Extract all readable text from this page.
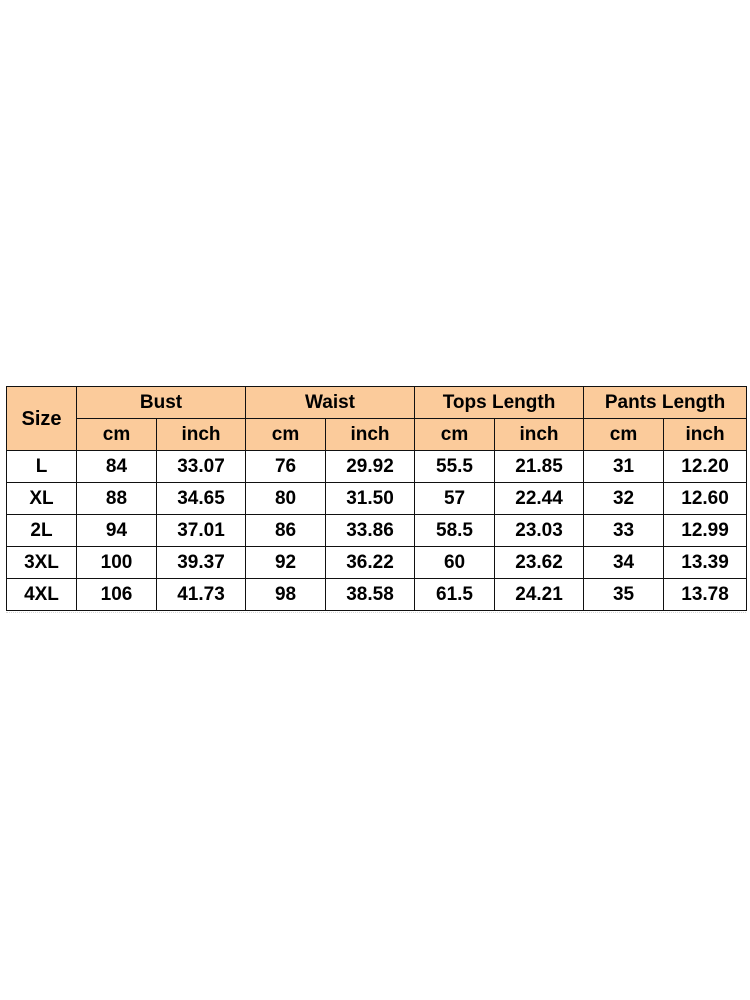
Size	Bust		Waist		Tops Length		Pants Length	
	cm	inch	cm	inch	cm	inch	cm	inch
L	84	33.07	76	29.92	55.5	21.85	31	12.20
XL	88	34.65	80	31.50	57	22.44	32	12.60
2L	94	37.01	86	33.86	58.5	23.03	33	12.99
3XL	100	39.37	92	36.22	60	23.62	34	13.39
4XL	106	41.73	98	38.58	61.5	24.21	35	13.78
